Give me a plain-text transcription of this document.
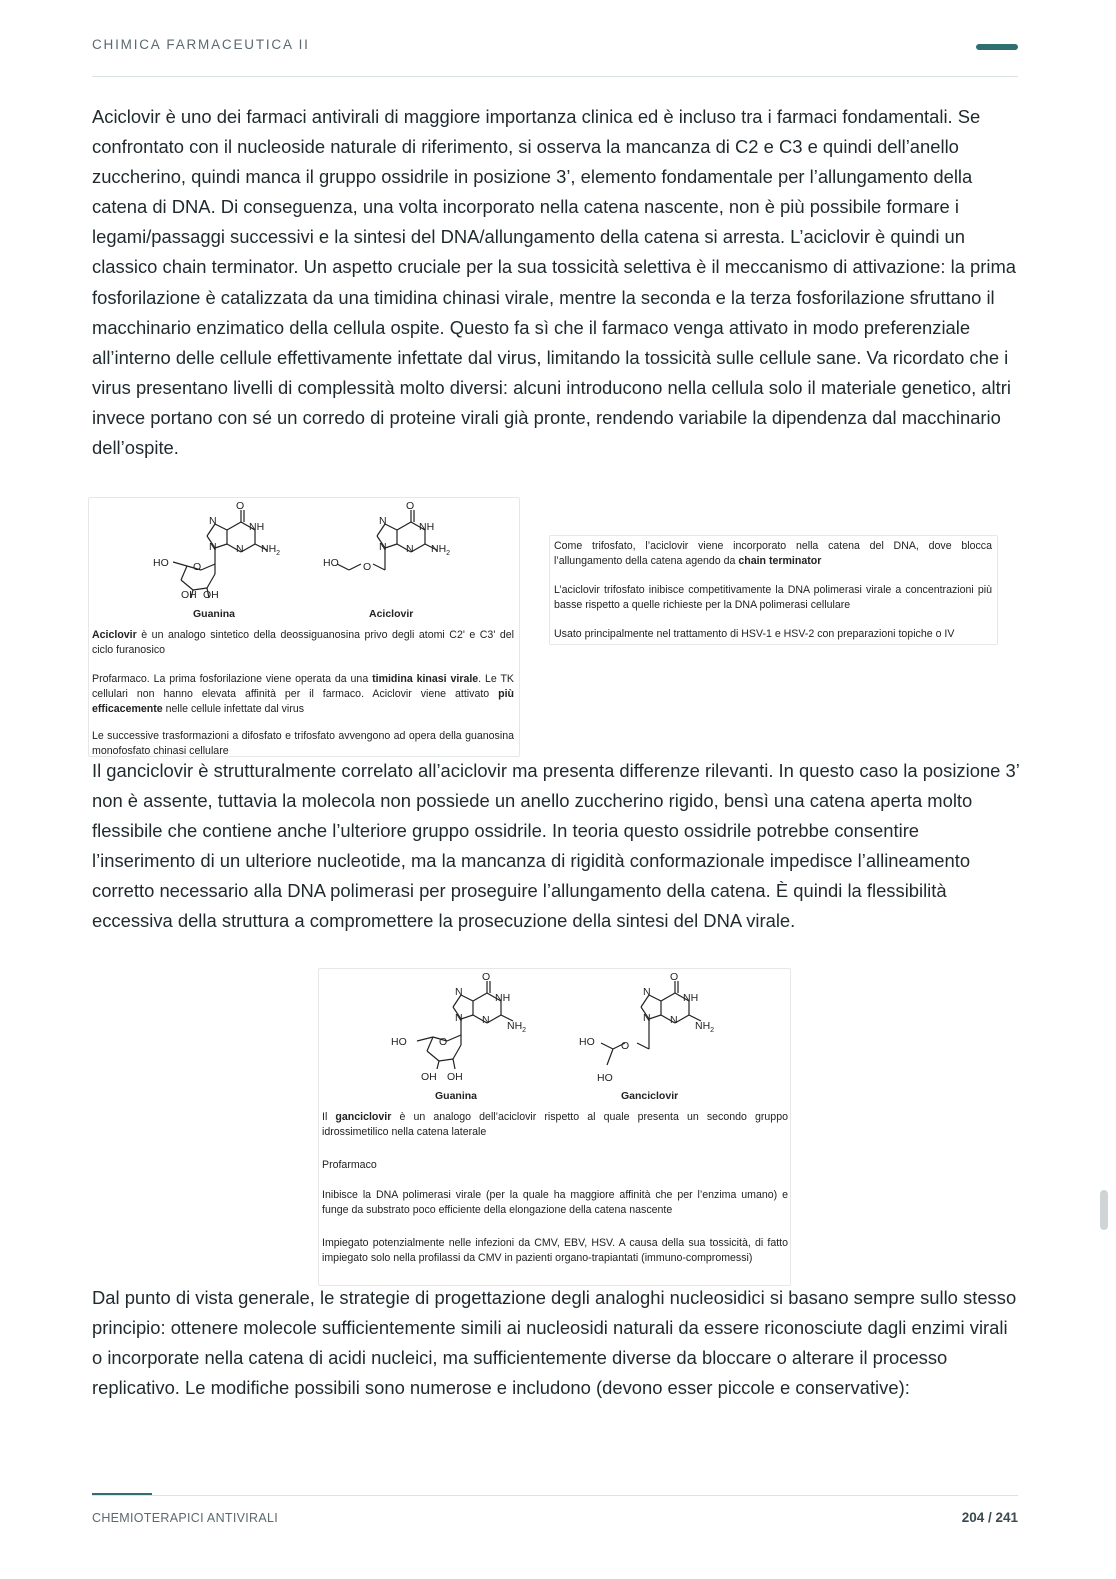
CHIMICA FARMACEUTICA II

Aciclovir è uno dei farmaci antivirali di maggiore importanza clinica ed è incluso tra i farmaci fondamentali. Se confrontato con il nucleoside naturale di riferimento, si osserva la mancanza di C2 e C3 e quindi dell’anello zuccherino, quindi manca il gruppo ossidrile in posizione 3’, elemento fondamentale per l’allungamento della catena di DNA. Di conseguenza, una volta incorporato nella catena nascente, non è più possibile formare i legami/passaggi successivi e la sintesi del DNA/allungamento della catena si arresta. L’aciclovir è quindi un classico chain terminator. Un aspetto cruciale per la sua tossicità selettiva è il meccanismo di attivazione: la prima fosforilazione è catalizzata da una timidina chinasi virale, mentre la seconda e la terza fosforilazione sfruttano il macchinario enzimatico della cellula ospite. Questo fa sì che il farmaco venga attivato in modo preferenziale all’interno delle cellule effettivamente infettate dal virus, limitando la tossicità sulle cellule sane. Va ricordato che i virus presentano livelli di complessità molto diversi: alcuni introducono nella cellula solo il materiale genetico, altri invece portano con sé un corredo di proteine virali già pronte, rendendo variabile la dipendenza dal macchinario dell’ospite.

O
NH
N
N
N	$NH_2$
O
HO
OH OH
Guanina
O
NH
N
N
N	$NH_2$
O
HO
Aciclovir

Aciclovir è un analogo sintetico della deossiguanosina privo degli atomi C2' e C3' del ciclo furanosico

Profarmaco. La prima fosforilazione viene operata da una timidina kinasi virale. Le TK cellulari non hanno elevata affinità per il farmaco. Aciclovir viene attivato più efficacemente nelle cellule infettate dal virus

Le successive trasformazioni a difosfato e trifosfato avvengono ad opera della guanosina monofosfato chinasi cellulare

Come trifosfato, l’aciclovir viene incorporato nella catena del DNA, dove blocca l’allungamento della catena agendo da chain terminator

L’aciclovir trifosfato inibisce competitivamente la DNA polimerasi virale a concentrazioni più basse rispetto a quelle richieste per la DNA polimerasi cellulare

Usato principalmente nel trattamento di HSV-1 e HSV-2 con preparazioni topiche o IV

Il ganciclovir è strutturalmente correlato all’aciclovir ma presenta differenze rilevanti. In questo caso la posizione 3’ non è assente, tuttavia la molecola non possiede un anello zuccherino rigido, bensì una catena aperta molto flessibile che contiene anche l’ulteriore gruppo ossidrile. In teoria questo ossidrile potrebbe consentire l’inserimento di un ulteriore nucleotide, ma la mancanza di rigidità conformazionale impedisce l’allineamento corretto necessario alla DNA polimerasi per proseguire l’allungamento della catena. È quindi la flessibilità eccessiva della struttura a compromettere la prosecuzione della sintesi del DNA virale.

O
NH
N
N
N
$NH_2$
O
HO
OH OH
Guanina
O
NH
N
N
N
$NH_2$
O
HO
HO
Ganciclovir

Il ganciclovir è un analogo dell’aciclovir rispetto al quale presenta un secondo gruppo idrossimetilico nella catena laterale

Profarmaco

Inibisce la DNA polimerasi virale (per la quale ha maggiore affinità che per l’enzima umano) e funge da substrato poco efficiente della elongazione della catena nascente

Impiegato potenzialmente nelle infezioni da CMV, EBV, HSV. A causa della sua tossicità, di fatto impiegato solo nella profilassi da CMV in pazienti organo-trapiantati (immuno-compromessi)

Dal punto di vista generale, le strategie di progettazione degli analoghi nucleosidici si basano sempre sullo stesso principio: ottenere molecole sufficientemente simili ai nucleosidi naturali da essere riconosciute dagli enzimi virali o incorporate nella catena di acidi nucleici, ma sufficientemente diverse da bloccare o alterare il processo replicativo. Le modifiche possibili sono numerose e includono (devono esser piccole e conservative):

CHEMIOTERAPICI ANTIVIRALI	204 / 241
